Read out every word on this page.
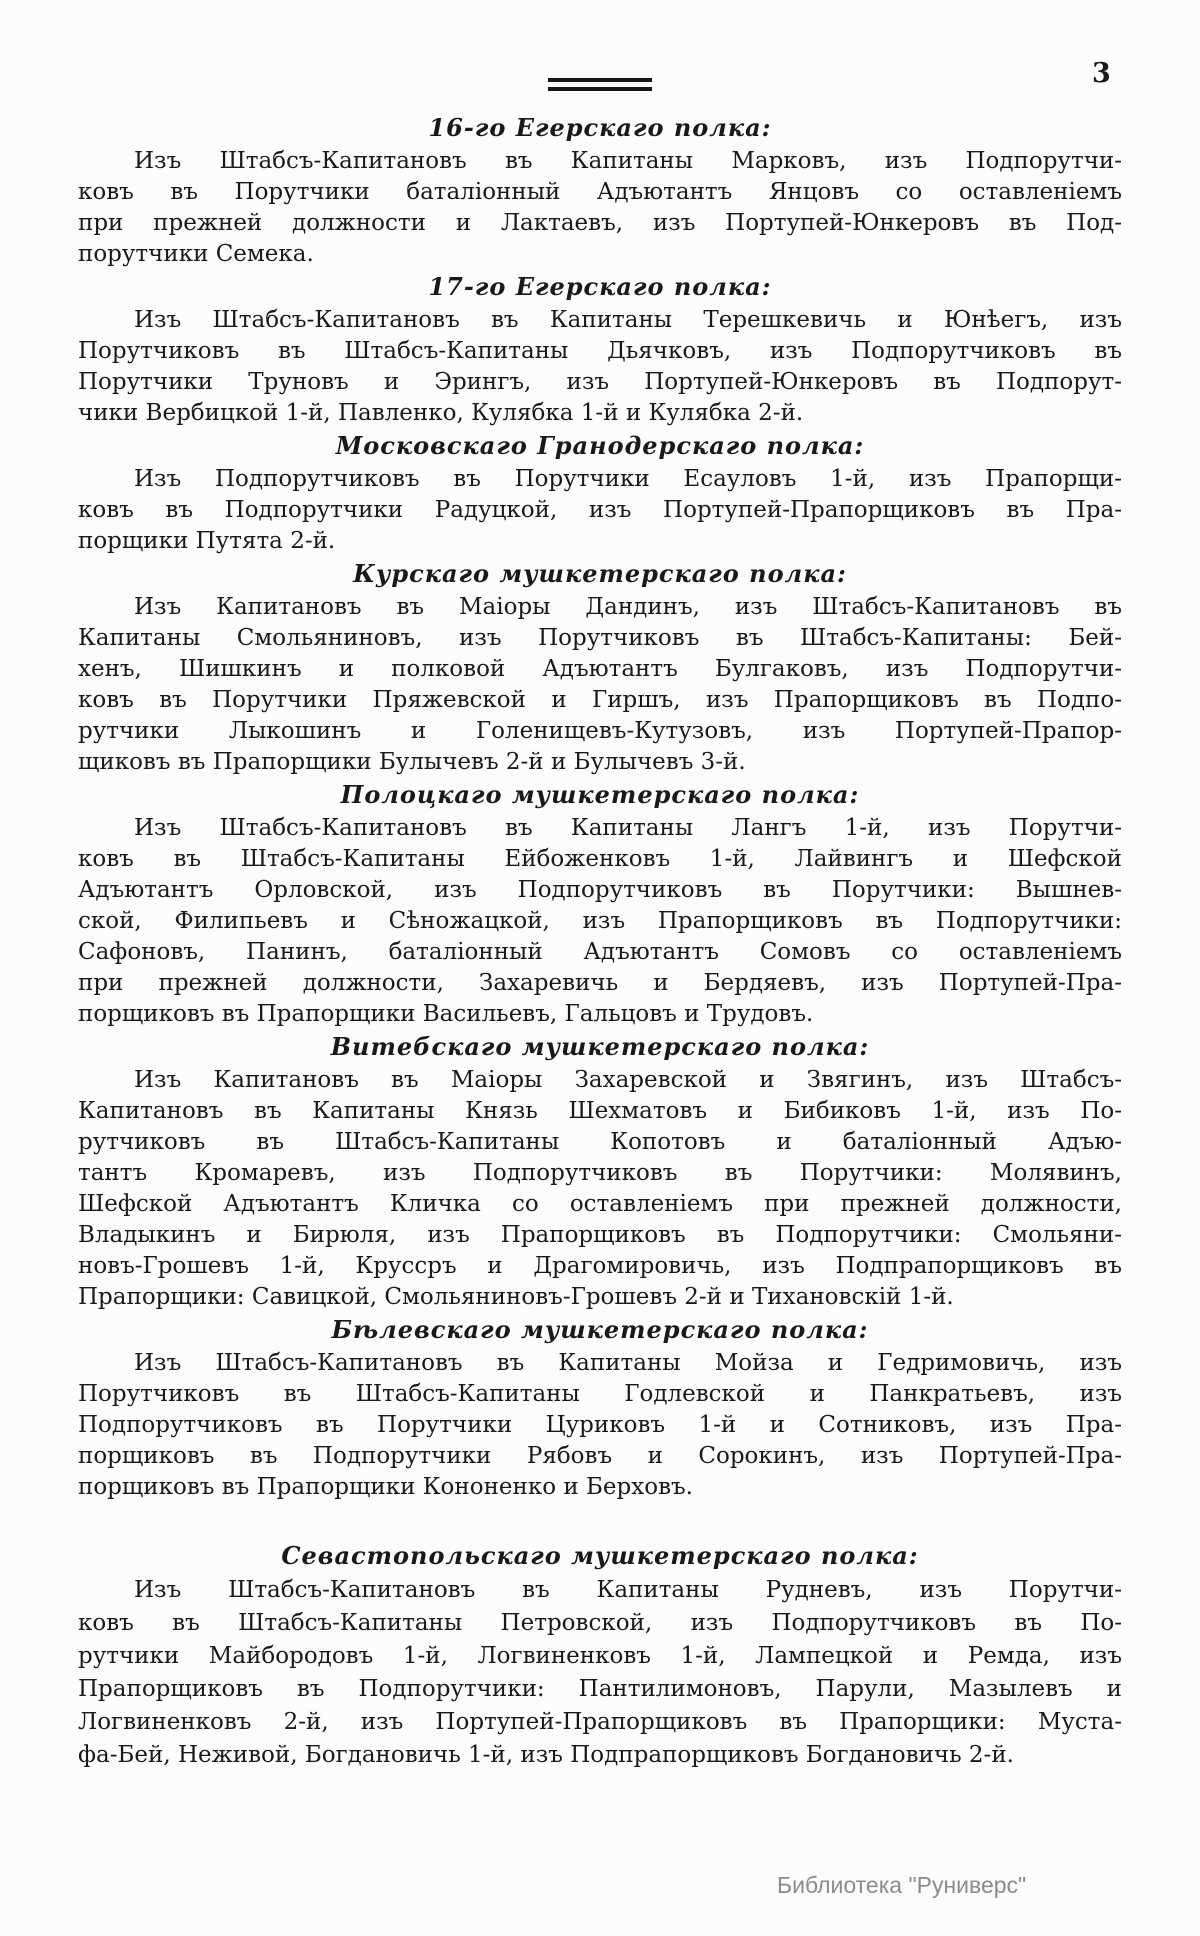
3
16-го Егерскаго полка:
Изъ Штабсъ-Капитановъ въ Капитаны Марковъ, изъ Подпорутчи-
ковъ въ Порутчики баталіонный Адъютантъ Янцовъ со оставленіемъ
при прежней должности и Лактаевъ, изъ Портупей-Юнкеровъ въ Под-
порутчики Семека.
17-го Егерскаго полка:
Изъ Штабсъ-Капитановъ въ Капитаны Терешкевичь и Юнѣегъ, изъ
Порутчиковъ въ Штабсъ-Капитаны Дьячковъ, изъ Подпорутчиковъ въ
Порутчики Труновъ и Эрингъ, изъ Портупей-Юнкеровъ въ Подпорут-
чики Вербицкой 1-й, Павленко, Кулябка 1-й и Кулябка 2-й.
Московскаго Гранодерскаго полка:
Изъ Подпорутчиковъ въ Порутчики Есауловъ 1-й, изъ Прапорщи-
ковъ въ Подпорутчики Радуцкой, изъ Портупей-Прапорщиковъ въ Пра-
порщики Путята 2-й.
Курскаго мушкетерскаго полка:
Изъ Капитановъ въ Маіоры Дандинъ, изъ Штабсъ-Капитановъ въ
Капитаны Смольяниновъ, изъ Порутчиковъ въ Штабсъ-Капитаны: Бей-
хенъ, Шишкинъ и полковой Адъютантъ Булгаковъ, изъ Подпорутчи-
ковъ въ Порутчики Пряжевской и Гиршъ, изъ Прапорщиковъ въ Подпо-
рутчики Лыкошинъ и Голенищевъ-Кутузовъ, изъ Портупей-Прапор-
щиковъ въ Прапорщики Булычевъ 2-й и Булычевъ 3-й.
Полоцкаго мушкетерскаго полка:
Изъ Штабсъ-Капитановъ въ Капитаны Лангъ 1-й, изъ Порутчи-
ковъ въ Штабсъ-Капитаны Ейбоженковъ 1-й, Лайвингъ и Шефской
Адъютантъ Орловской, изъ Подпорутчиковъ въ Порутчики: Вышнев-
ской, Филипьевъ и Сѣножацкой, изъ Прапорщиковъ въ Подпорутчики:
Сафоновъ, Панинъ, баталіонный Адъютантъ Сомовъ со оставленіемъ
при прежней должности, Захаревичь и Бердяевъ, изъ Портупей-Пра-
порщиковъ въ Прапорщики Васильевъ, Гальцовъ и Трудовъ.
Витебскаго мушкетерскаго полка:
Изъ Капитановъ въ Маіоры Захаревской и Звягинъ, изъ Штабсъ-
Капитановъ въ Капитаны Князь Шехматовъ и Бибиковъ 1-й, изъ По-
рутчиковъ въ Штабсъ-Капитаны Копотовъ и баталіонный Адъю-
тантъ Кромаревъ, изъ Подпорутчиковъ въ Порутчики: Молявинъ,
Шефской Адъютантъ Кличка со оставленіемъ при прежней должности,
Владыкинъ и Бирюля, изъ Прапорщиковъ въ Подпорутчики: Смольяни-
новъ-Грошевъ 1-й, Круссръ и Драгомировичь, изъ Подпрапорщиковъ въ
Прапорщики: Савицкой, Смольяниновъ-Грошевъ 2-й и Тихановскій 1-й.
Бѣлевскаго мушкетерскаго полка:
Изъ Штабсъ-Капитановъ въ Капитаны Мойза и Гедримовичь, изъ
Порутчиковъ въ Штабсъ-Капитаны Годлевской и Панкратьевъ, изъ
Подпорутчиковъ въ Порутчики Цуриковъ 1-й и Сотниковъ, изъ Пра-
порщиковъ въ Подпорутчики Рябовъ и Сорокинъ, изъ Портупей-Пра-
порщиковъ въ Прапорщики Кононенко и Берховъ.
Севастопольскаго мушкетерскаго полка:
Изъ Штабсъ-Капитановъ въ Капитаны Рудневъ, изъ Порутчи-
ковъ въ Штабсъ-Капитаны Петровской, изъ Подпорутчиковъ въ По-
рутчики Майбородовъ 1-й, Логвиненковъ 1-й, Лампецкой и Ремда, изъ
Прапорщиковъ въ Подпорутчики: Пантилимоновъ, Парули, Мазылевъ и
Логвиненковъ 2-й, изъ Портупей-Прапорщиковъ въ Прапорщики: Муста-
фа-Бей, Неживой, Богдановичь 1-й, изъ Подпрапорщиковъ Богдановичь 2-й.
Библиотека "Руниверс"
